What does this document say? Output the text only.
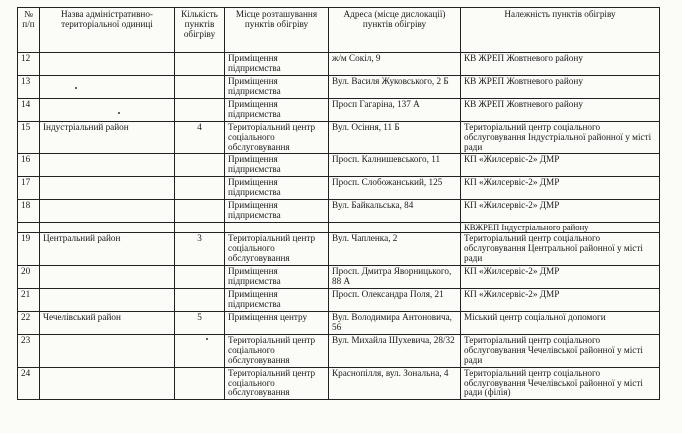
№ п/п	Назва адміністративно-територіальної одиниці	Кількість пунктів обігріву	Місце розташування пунктів обігріву	Адреса (місце дислокації) пунктів обігріву	Належність пунктів обігріву
12			Приміщення підприємства	ж/м Сокіл, 9	КВ ЖРЕП Жовтневого району
13			Приміщення підприємства	Вул. Василя Жуковського, 2 Б	КВ ЖРЕП Жовтневого району
14			Приміщення підприємства	Просп Гагаріна, 137 А	КВ ЖРЕП Жовтневого району
15	Індустріальний район	4	Територіальний центр соціального обслуговування	Вул. Осіння, 11 Б	Територіальний центр соціального обслуговування Індустріальної районної у місті ради
16			Приміщення підприємства	Просп. Калнишевського, 11	КП «Жилсервіс-2» ДМР
17			Приміщення підприємства	Просп. Слобожанський, 125	КП «Жилсервіс-2» ДМР
18			Приміщення підприємства	Вул. Байкальська, 84	КП «Жилсервіс-2» ДМР
					КВЖРЕП Індустріального району
19	Центральний район	3	Територіальний центр соціального обслуговування	Вул. Чапленка, 2	Територіальний центр соціального обслуговування Центральної районної у місті ради
20			Приміщення підприємства	Просп. Дмитра Яворницького, 88 А	КП «Жилсервіс-2» ДМР
21			Приміщення підприємства	Просп. Олександра Поля, 21	КП «Жилсервіс-2» ДМР
22	Чечелівський район	5	Приміщення центру	Вул. Володимира Антоновича, 56	Міський центр соціальної допомоги
23			Територіальний центр соціального обслуговування	Вул. Михайла Шухевича, 28/32	Територіальний центр соціального обслуговування Чечелівської районної у місті ради
24			Територіальний центр соціального обслуговування	Краснопілля, вул. Зональна, 4	Територіальний центр соціального обслуговування Чечелівської районної у місті ради (філія)
